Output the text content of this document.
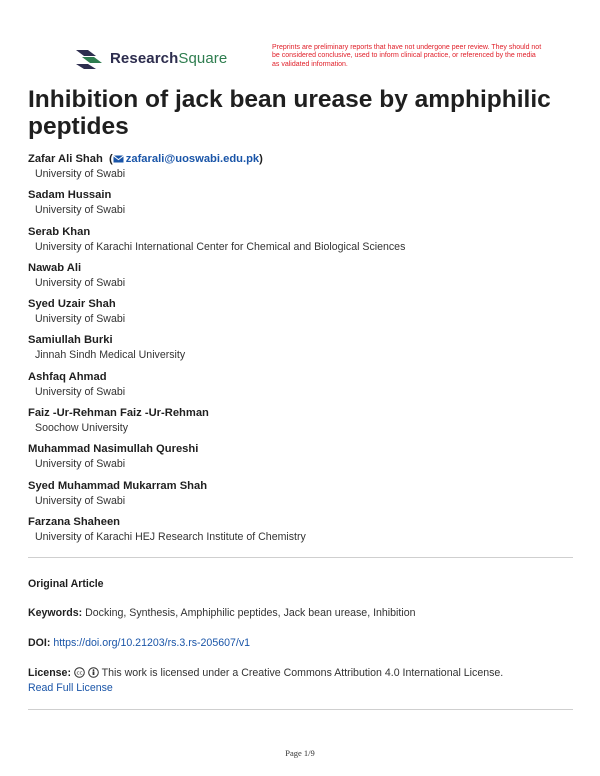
ResearchSquare
Preprints are preliminary reports that have not undergone peer review. They should not be considered conclusive, used to inform clinical practice, or referenced by the media as validated information.
Inhibition of jack bean urease by amphiphilic peptides
Zafar Ali Shah  ( zafarali@uoswabi.edu.pk)
University of Swabi
Sadam Hussain
University of Swabi
Serab Khan
University of Karachi International Center for Chemical and Biological Sciences
Nawab Ali
University of Swabi
Syed Uzair Shah
University of Swabi
Samiullah Burki
Jinnah Sindh Medical University
Ashfaq Ahmad
University of Swabi
Faiz -Ur-Rehman Faiz -Ur-Rehman
Soochow University
Muhammad Nasimullah Qureshi
University of Swabi
Syed Muhammad Mukarram Shah
University of Swabi
Farzana Shaheen
University of Karachi HEJ Research Institute of Chemistry
Original Article
Keywords: Docking, Synthesis, Amphiphilic peptides, Jack bean urease, Inhibition
DOI: https://doi.org/10.21203/rs.3.rs-205607/v1
License: cc This work is licensed under a Creative Commons Attribution 4.0 International License.
Read Full License
Page 1/9
